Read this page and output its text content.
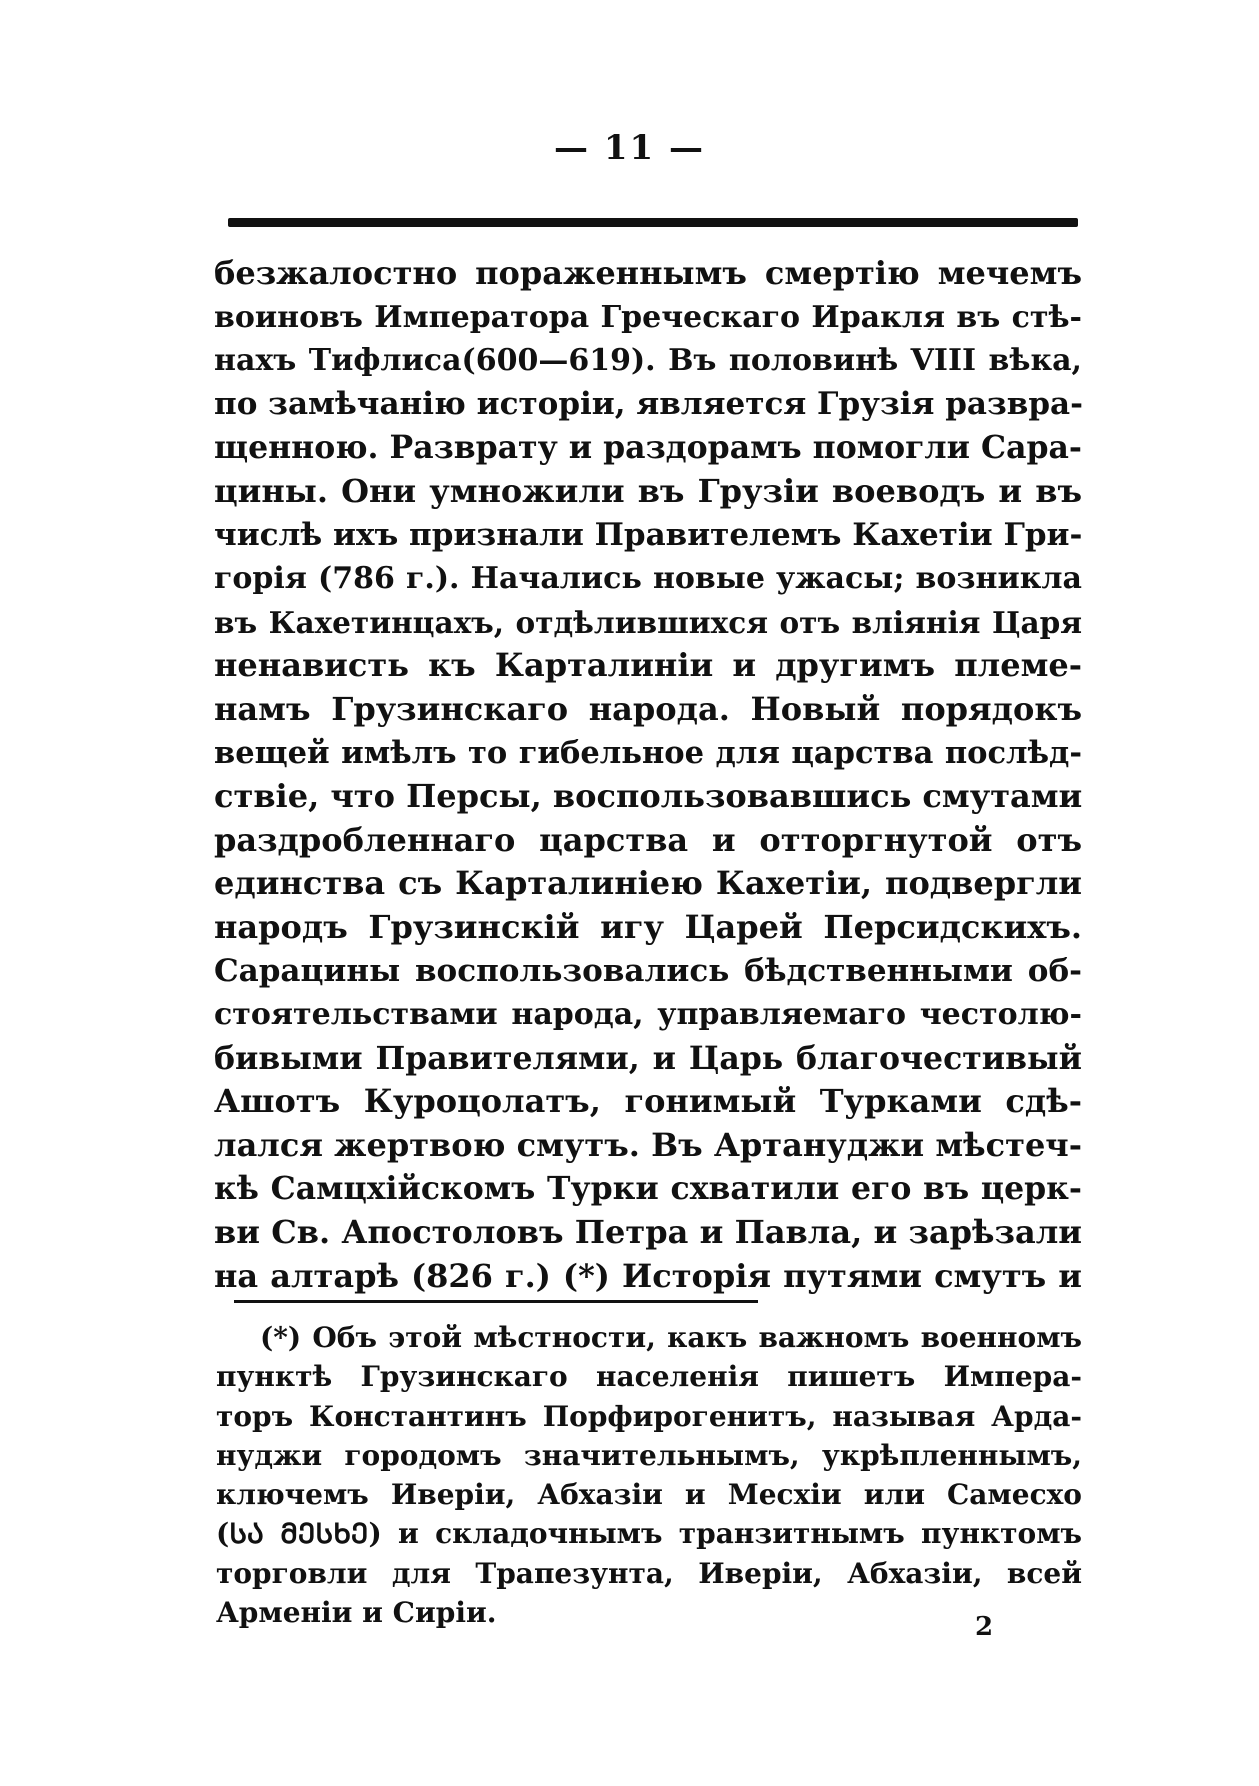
— 11 —
безжалостно пораженнымъ смертію мечемъ
воиновъ Императора Греческаго Иракля въ стѣ-
нахъ Тифлиса(600—619). Въ половинѣ VIII вѣка,
по замѣчанію исторіи, является Грузія развра-
щенною. Разврату и раздорамъ помогли Сара-
цины. Они умножили въ Грузіи воеводъ и въ
числѣ ихъ признали Правителемъ Кахетіи Гри-
горія (786 г.). Начались новые ужасы; возникла
въ Кахетинцахъ, отдѣлившихся отъ вліянія Царя
ненависть къ Карталиніи и другимъ племе-
намъ Грузинскаго народа. Новый порядокъ
вещей имѣлъ то гибельное для царства послѣд-
ствіе, что Персы, воспользовавшись смутами
раздробленнаго царства и отторгнутой отъ
единства съ Карталиніею Кахетіи, подвергли
народъ Грузинскій игу Царей Персидскихъ.
Сарацины воспользовались бѣдственными об-
стоятельствами народа, управляемаго честолю-
бивыми Правителями, и Царь благочестивый
Ашотъ Куроцолатъ, гонимый Турками сдѣ-
лался жертвою смутъ. Въ Артануджи мѣстеч-
кѣ Самцхійскомъ Турки схватили его въ церк-
ви Св. Апостоловъ Петра и Павла, и зарѣзали
на алтарѣ (826 г.) (*) Исторія путями смутъ и
(*) Объ этой мѣстности, какъ важномъ военномъ
пунктѣ Грузинскаго населенія пишетъ Импера-
торъ Константинъ Порфирогенитъ, называя Арда-
нуджи городомъ значительнымъ, укрѣпленнымъ,
ключемъ Иверіи, Абхазіи и Месхіи или Самесхо
(ᲡᲐ ᲛᲔᲡᲮᲔ) и складочнымъ транзитнымъ пунктомъ
торговли для Трапезунта, Иверіи, Абхазіи, всей
Арменіи и Сиріи.	2
